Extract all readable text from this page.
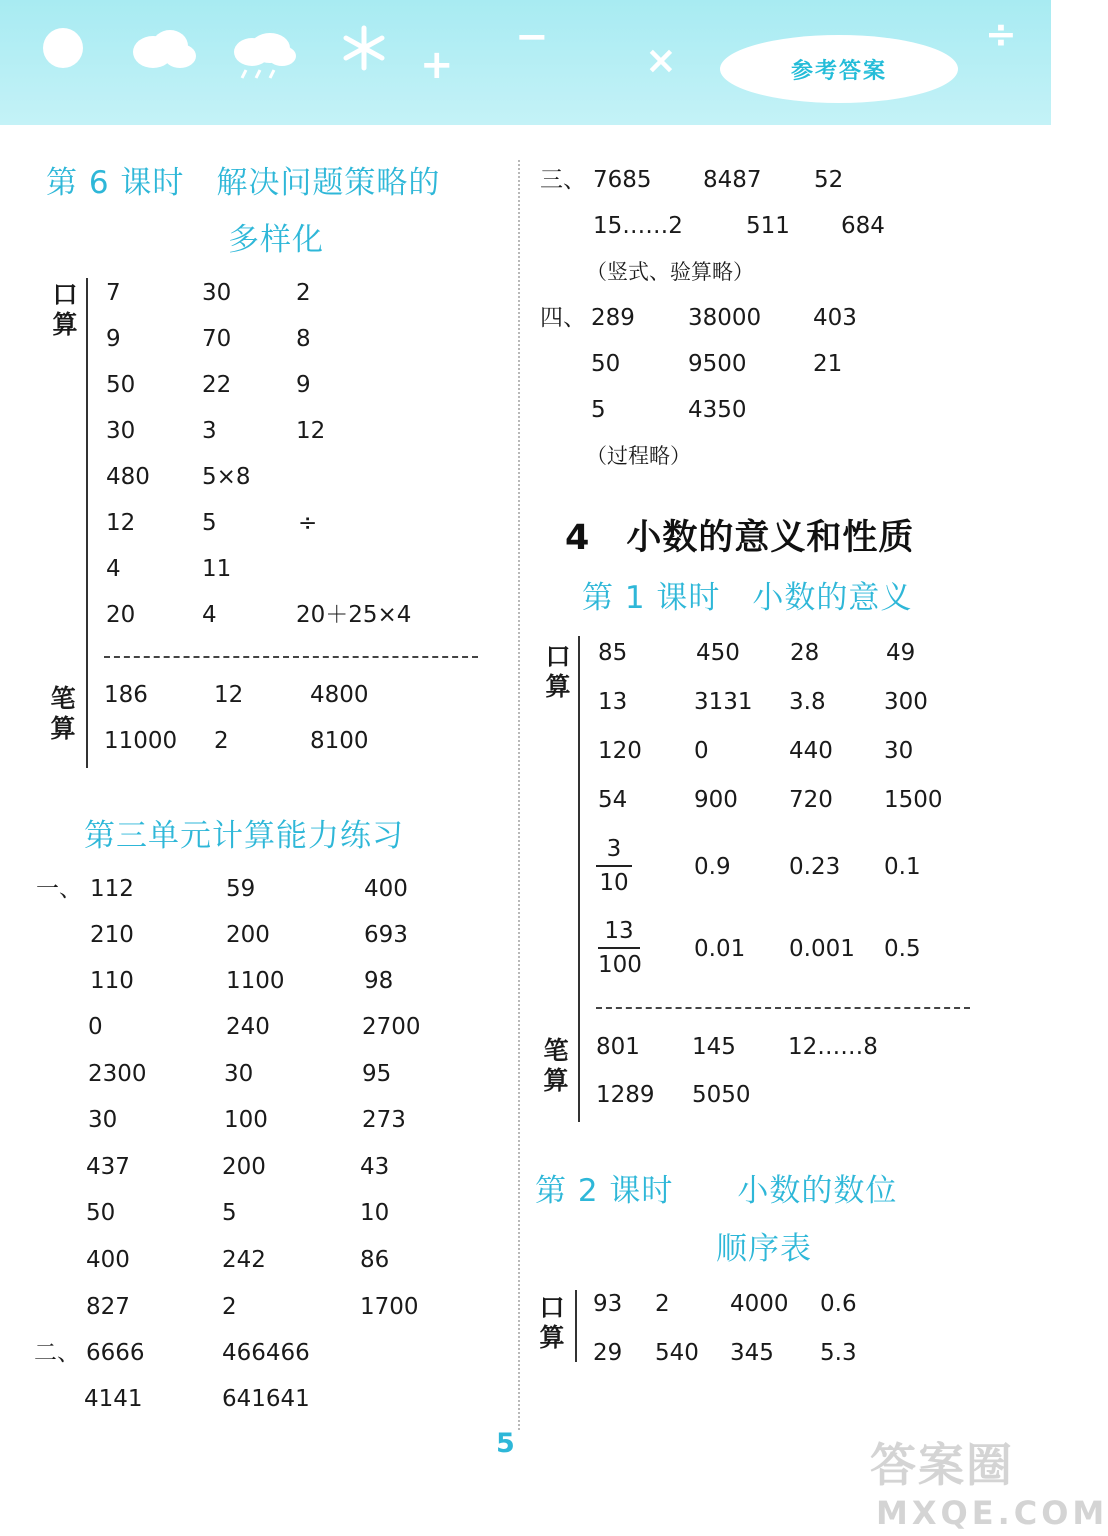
+
−	×
÷
参考答案
第 6 课时　解决问题策略的
多样化
口
算
7	30	2
9	70	8
50	22	9
30	3	12
480 5×8
12	5	÷
4	11
20	4	20＋25×4
笔
算
186	12	4800
11000 2	8100
第三单元计算能力练习
一、 112	59	400
210	200	693
110	1100	98
0	240	2700
2300	30	95
30	100	273
437	200	43
50	5	10
400	242	86
827	2	1700
二、 6666	466466
4141	641641
三、 7685 8487 52
15……2	511 684
（竖式、验算略）
四、 289 38000 403
50	9500	21
5	4350
（过程略）
4　小数的意义和性质
第 1 课时　小数的意义
口
算
85	450 28	49
13	3131 3.8	300
120 0	440 30
54	900 720 1500
$\frac{3}{10}$	0.9	0.23 0.1
$\frac{13}{100} 0.01$ 0.001 0.5
笔
算
801 145 12……8
1289 5050
第 2 课时　　小数的数位
顺序表
口
算
93 2	4000 0.6
29 540 345 5.3
5	答案圈
MXQE.COM
